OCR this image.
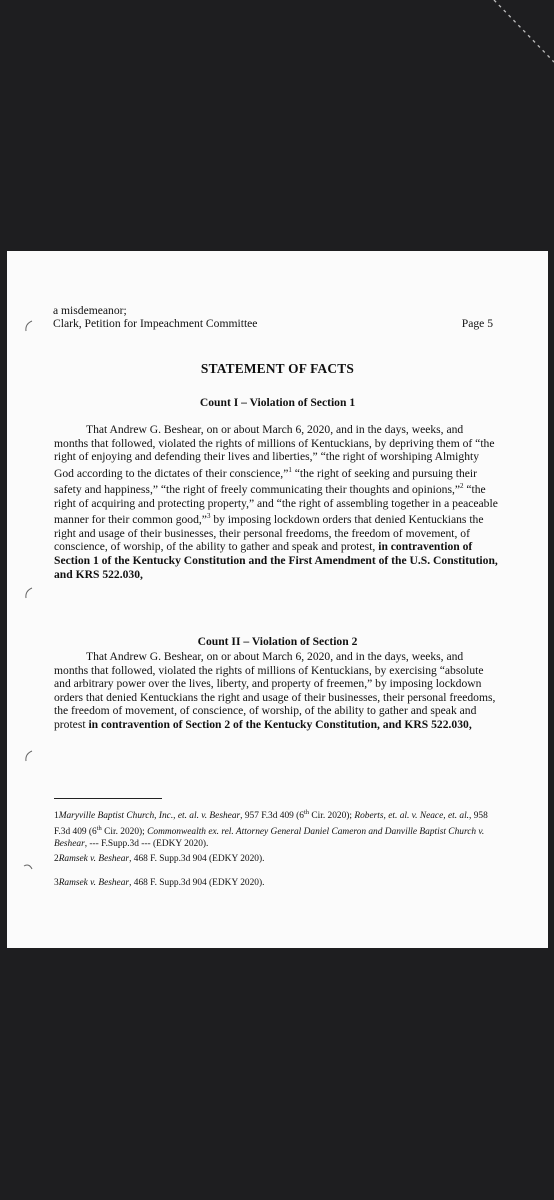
a misdemeanor;
Clark, Petition for Impeachment Committee	Page 5
STATEMENT OF FACTS
Count I – Violation of Section 1
That Andrew G. Beshear, on or about March 6, 2020, and in the days, weeks, and months that followed, violated the rights of millions of Kentuckians, by depriving them of “the right of enjoying and defending their lives and liberties,” “the right of worshiping Almighty God according to the dictates of their conscience,”$^1$ “the right of seeking and pursuing their safety and happiness,” “the right of freely communicating their thoughts and opinions,”$^2$ “the right of acquiring and protecting property,” and “the right of assembling together in a peaceable manner for their common good,”$^3$ by imposing lockdown orders that denied Kentuckians the right and usage of their businesses, their personal freedoms, the freedom of movement, of conscience, of worship, of the ability to gather and speak and protest, in contravention of Section 1 of the Kentucky Constitution and the First Amendment of the U.S. Constitution, and KRS 522.030,
Count II – Violation of Section 2
That Andrew G. Beshear, on or about March 6, 2020, and in the days, weeks, and months that followed, violated the rights of millions of Kentuckians, by exercising “absolute and arbitrary power over the lives, liberty, and property of freemen,” by imposing lockdown orders that denied Kentuckians the right and usage of their businesses, their personal freedoms, the freedom of movement, of conscience, of worship, of the ability to gather and speak and protest in contravention of Section 2 of the Kentucky Constitution, and KRS 522.030,
1Maryville Baptist Church, Inc., et. al. v. Beshear, 957 F.3d 409 (6th Cir. 2020); Roberts, et. al. v. Neace, et. al., 958 F.3d 409 (6th Cir. 2020); Commonwealth ex. rel. Attorney General Daniel Cameron and Danville Baptist Church v. Beshear, --- F.Supp.3d --- (EDKY 2020).
2Ramsek v. Beshear, 468 F. Supp.3d 904 (EDKY 2020).
3Ramsek v. Beshear, 468 F. Supp.3d 904 (EDKY 2020).
